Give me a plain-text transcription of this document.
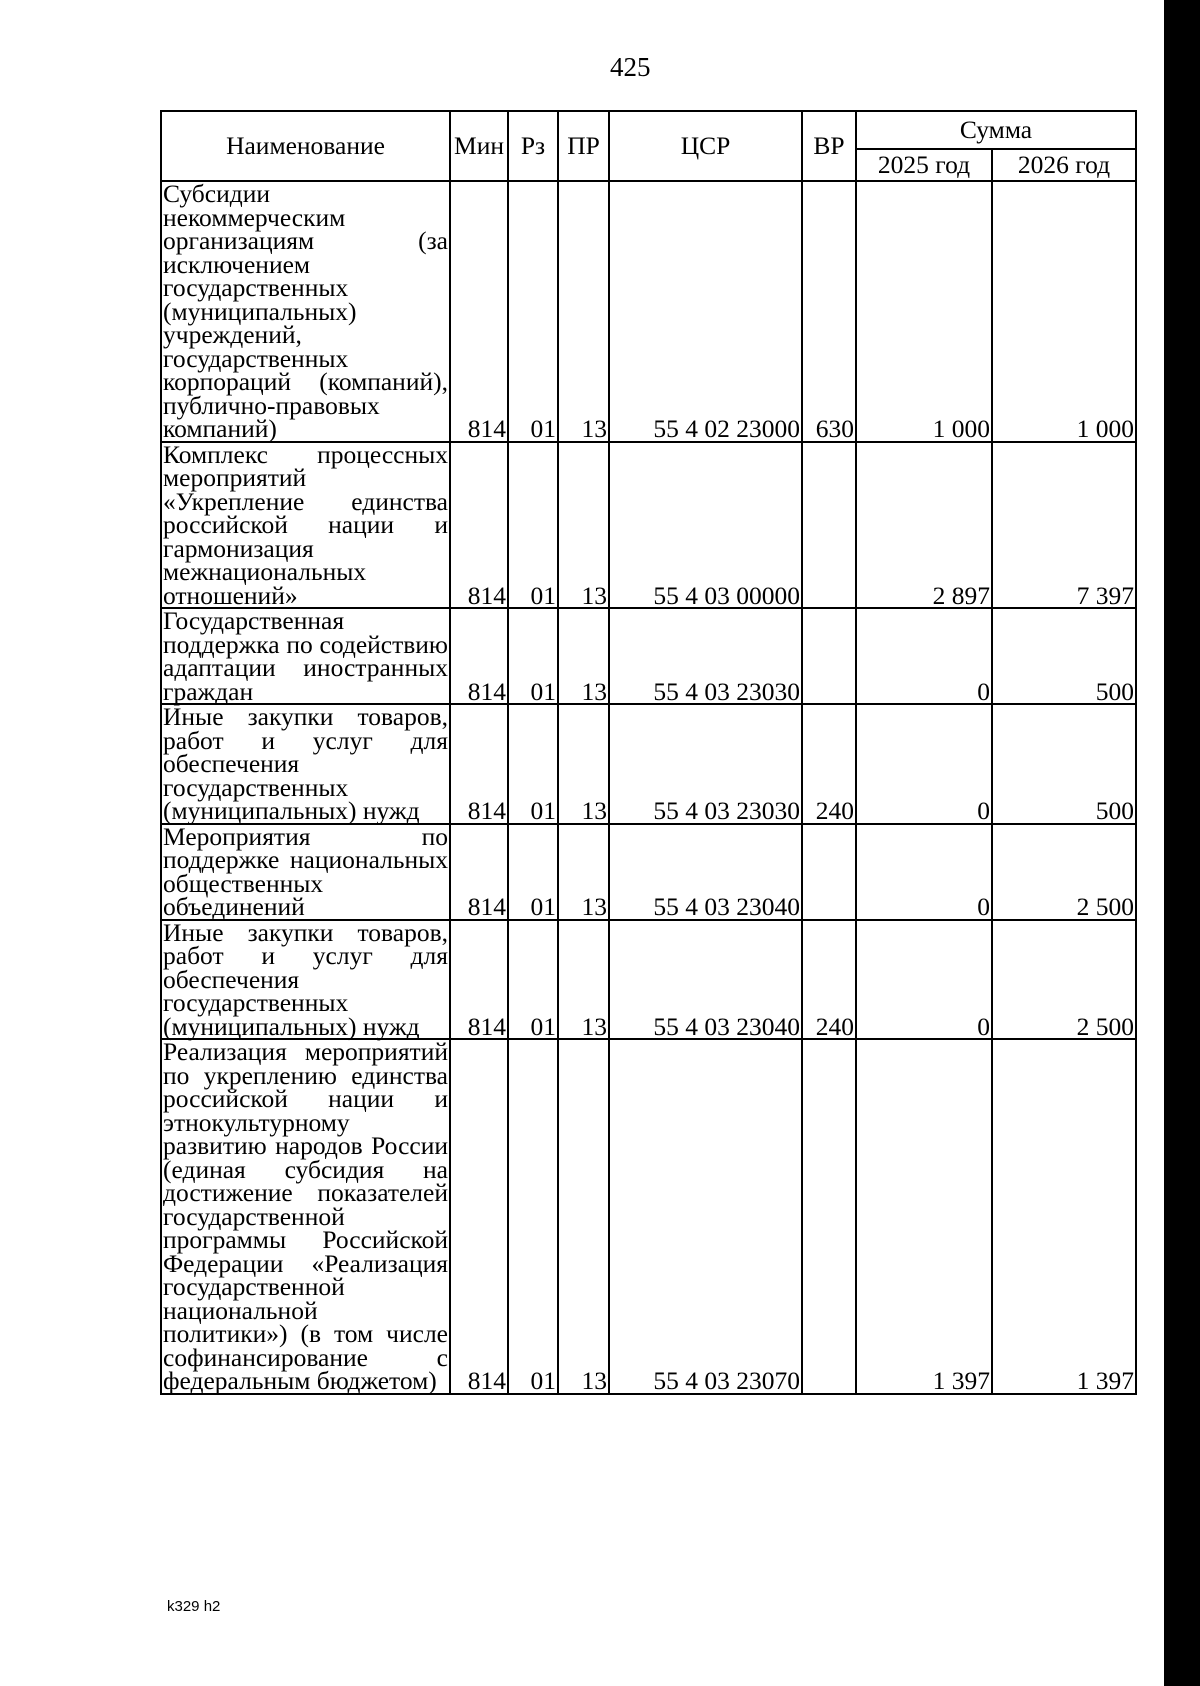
425
Наименование	Мин	Рз	ПР	ЦСР	ВР	Сумма	
						2025 год	2026 год
Субсидии некоммерческим организациям (за исключением государственных (муниципальных) учреждений, государственных корпораций (компаний), публично-правовых компаний)	814	01	13	55 4 02 23000	630	1 000	1 000
Комплекс процессных мероприятий «Укрепление единства российской нации и гармонизация межнациональных отношений»	814	01	13	55 4 03 00000		2 897	7 397
Государственная поддержка по содействию адаптации иностранных граждан	814	01	13	55 4 03 23030		0	500
Иные закупки товаров, работ и услуг для обеспечения государственных (муниципальных) нужд	814	01	13	55 4 03 23030	240	0	500
Мероприятия по поддержке национальных общественных объединений	814	01	13	55 4 03 23040		0	2 500
Иные закупки товаров, работ и услуг для обеспечения государственных (муниципальных) нужд	814	01	13	55 4 03 23040	240	0	2 500
Реализация мероприятий по укреплению единства российской нации и этнокультурному развитию народов России (единая субсидия на достижение показателей государственной программы Российской Федерации «Реализация государственной национальной политики») (в том числе софинансирование с федеральным бюджетом)	814	01	13	55 4 03 23070		1 397	1 397
k329 h2
